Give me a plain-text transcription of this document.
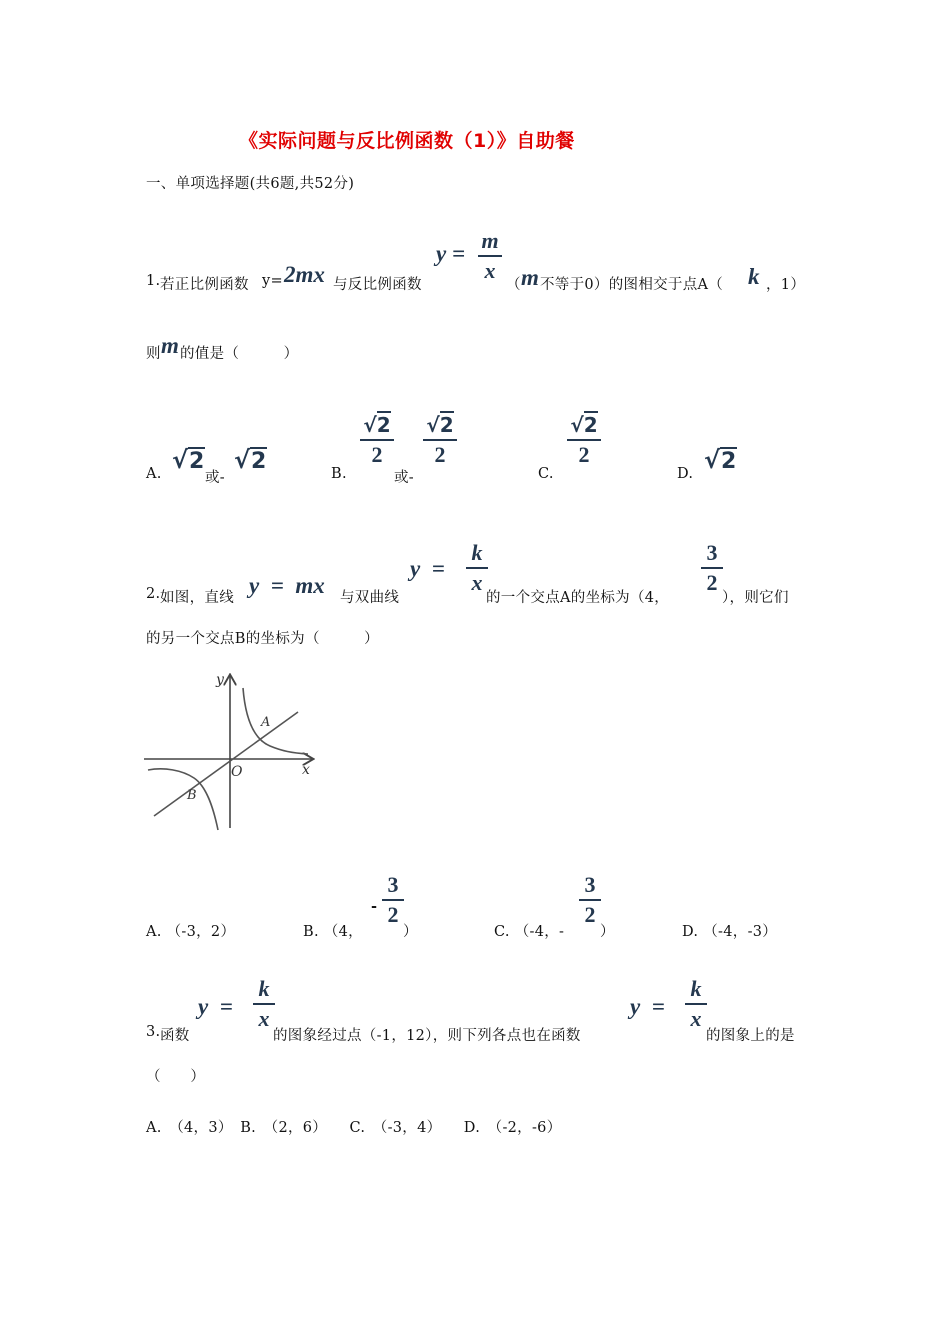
《实际问题与反比例函数（1）》自助餐
一、单项选择题(共6题,共52分)
1. 若正比例函数 y= 2mx 与反比例函数
y =
m
x
（ m 不等于0）的图相交于点A（ k ，1）
则 m 的值是（　　　）
A. √2
或-
√2	B.
√2
2
或-
√2
2
C.
√2
2
D. √2
2. 如图，直线 y  =  mx 与双曲线
y  =
k
x
的一个交点A的坐标为（4，
3
2
），则它们
的另一个交点B的坐标为（　　　）
y
x
O
A
B
A. （-3，2）	B. （4，
-
3
2
）	C. （-4，-
3
2
）	D. （-4，-3）
3. 函数
y  =
k
x
的图象经过点（-1，12），则下列各点也在函数
y  =
k
x
的图象上的是
（　　）
A.　（4，3）　B.　（2，6）　　C.　（-3，4）　　D.　（-2，-6）
